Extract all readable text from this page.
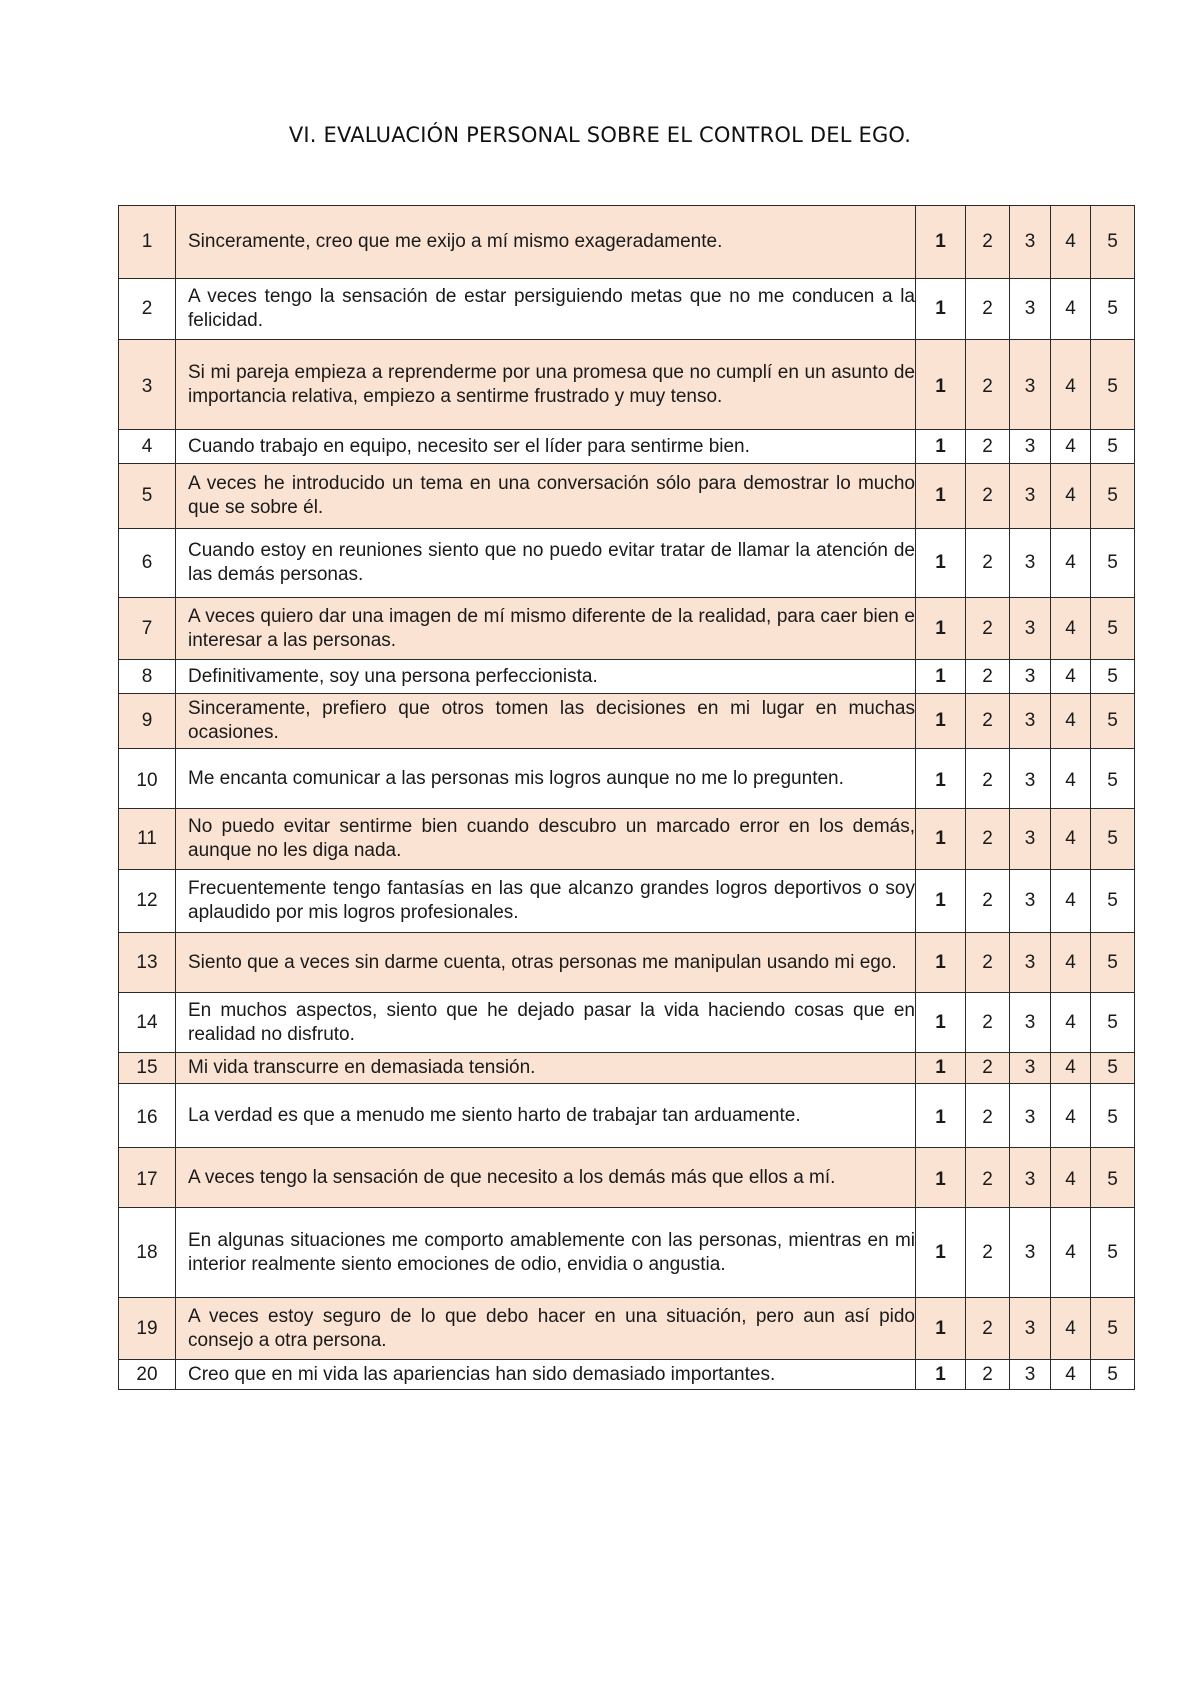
VI. EVALUACIÓN PERSONAL SOBRE EL CONTROL DEL EGO.
1	Sinceramente, creo que me exijo a mí mismo exageradamente.	1	2	3	4	5
2	A veces tengo la sensación de estar persiguiendo metas que no me conducen a la felicidad.	1	2	3	4	5
3	Si mi pareja empieza a reprenderme por una promesa que no cumplí en un asunto de importancia relativa, empiezo a sentirme frustrado y muy tenso.	1	2	3	4	5
4	Cuando trabajo en equipo, necesito ser el líder para sentirme bien.	1	2	3	4	5
5	A veces he introducido un tema en una conversación sólo para demostrar lo mucho que se sobre él.	1	2	3	4	5
6	Cuando estoy en reuniones siento que no puedo evitar tratar de llamar la atención de las demás personas.	1	2	3	4	5
7	A veces quiero dar una imagen de mí mismo diferente de la realidad, para caer bien e interesar a las personas.	1	2	3	4	5
8	Definitivamente, soy una persona perfeccionista.	1	2	3	4	5
9	Sinceramente, prefiero que otros tomen las decisiones en mi lugar en muchas ocasiones.	1	2	3	4	5
10	Me encanta comunicar a las personas mis logros aunque no me lo pregunten.	1	2	3	4	5
11	No puedo evitar sentirme bien cuando descubro un marcado error en los demás, aunque no les diga nada.	1	2	3	4	5
12	Frecuentemente tengo fantasías en las que alcanzo grandes logros deportivos o soy aplaudido por mis logros profesionales.	1	2	3	4	5
13	Siento que a veces sin darme cuenta, otras personas me manipulan usando mi ego.	1	2	3	4	5
14	En muchos aspectos, siento que he dejado pasar la vida haciendo cosas que en realidad no disfruto.	1	2	3	4	5
15	Mi vida transcurre en demasiada tensión.	1	2	3	4	5
16	La verdad es que a menudo me siento harto de trabajar tan arduamente.	1	2	3	4	5
17	A veces tengo la sensación de que necesito a los demás más que ellos a mí.	1	2	3	4	5
18	En algunas situaciones me comporto amablemente con las personas, mientras en mi interior realmente siento emociones de odio, envidia o angustia.	1	2	3	4	5
19	A veces estoy seguro de lo que debo hacer en una situación, pero aun así pido consejo a otra persona.	1	2	3	4	5
20	Creo que en mi vida las apariencias han sido demasiado importantes.	1	2	3	4	5
